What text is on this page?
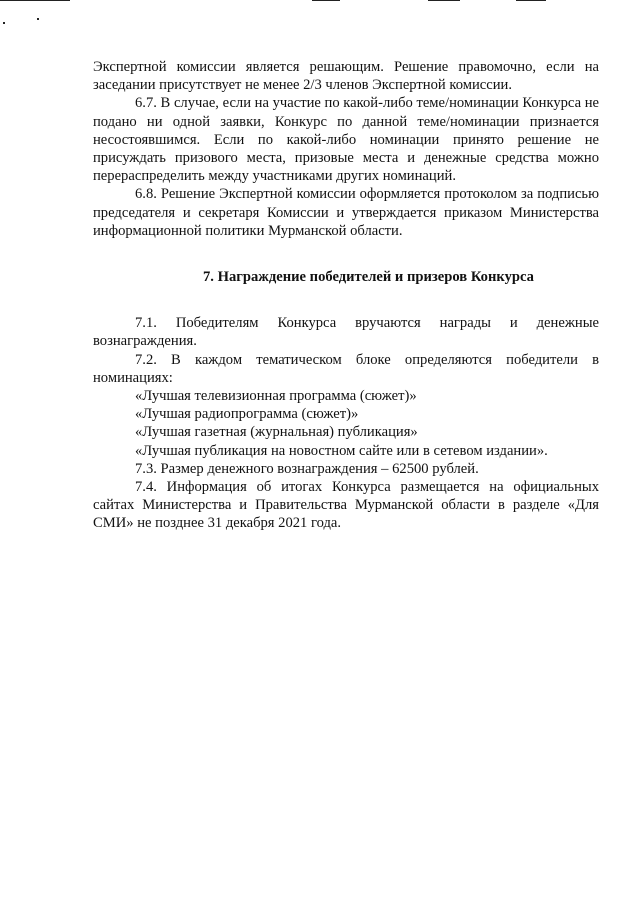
Экспертной комиссии является решающим. Решение правомочно, если на заседании присутствует не менее 2/3 членов Экспертной комиссии.

6.7. В случае, если на участие по какой-либо теме/номинации Конкурса не подано ни одной заявки, Конкурс по данной теме/номинации признается несостоявшимся. Если по какой-либо номинации принято решение не присуждать призового места, призовые места и денежные средства можно перераспределить между участниками других номинаций.

6.8. Решение Экспертной комиссии оформляется протоколом за подписью председателя и секретаря Комиссии и утверждается приказом Министерства информационной политики Мурманской области.

7. Награждение победителей и призеров Конкурса

7.1. Победителям Конкурса вручаются награды и денежные вознаграждения.

7.2. В каждом тематическом блоке определяются победители в номинациях:

«Лучшая телевизионная программа (сюжет)»

«Лучшая радиопрограмма (сюжет)»

«Лучшая газетная (журнальная) публикация»

«Лучшая публикация на новостном сайте или в сетевом издании».

7.3. Размер денежного вознаграждения – 62500 рублей.

7.4. Информация об итогах Конкурса размещается на официальных сайтах Министерства и Правительства Мурманской области в разделе «Для СМИ» не позднее 31 декабря 2021 года.
